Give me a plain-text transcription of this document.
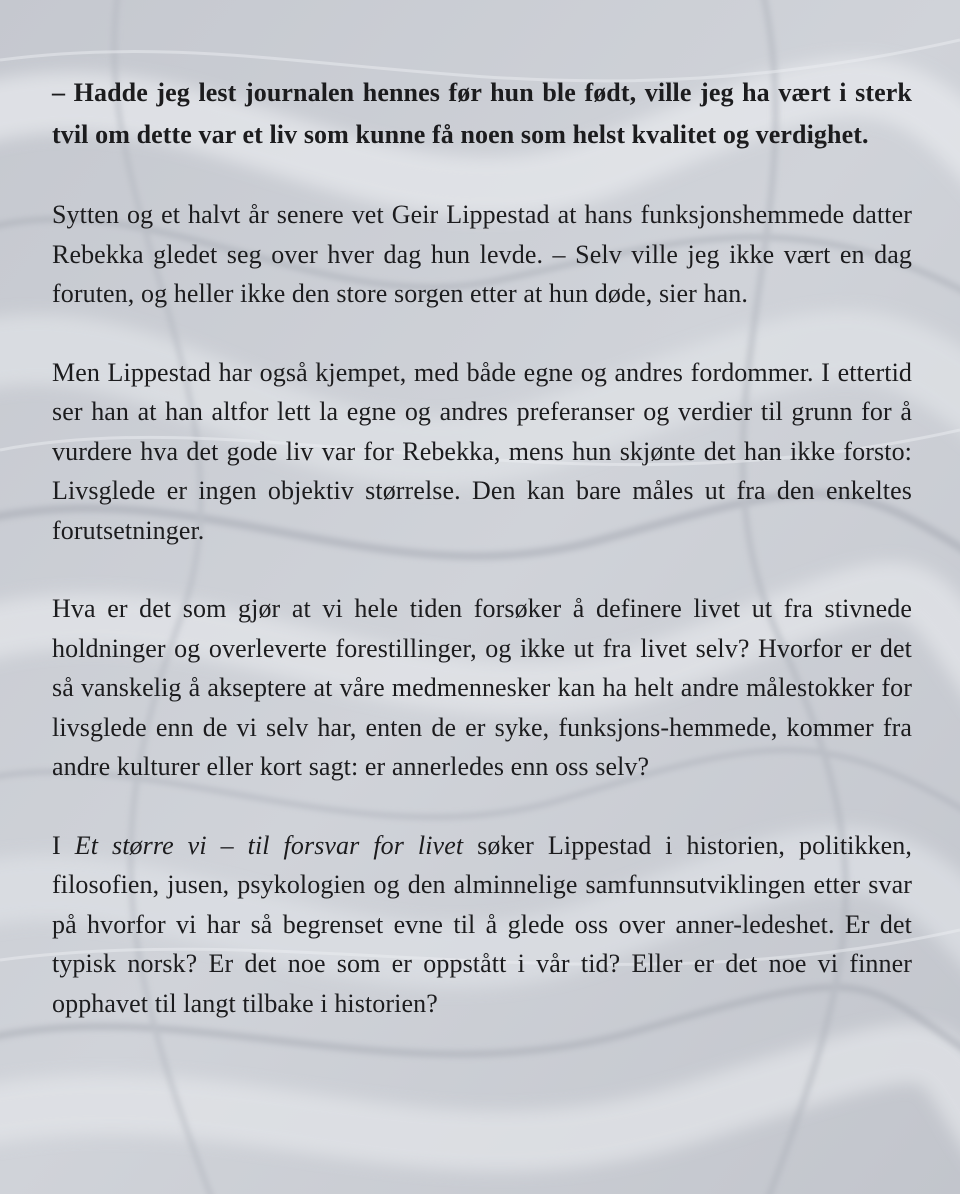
– Hadde jeg lest journalen hennes før hun ble født, ville jeg ha vært i sterk tvil om dette var et liv som kunne få noen som helst kvalitet og verdighet.

Sytten og et halvt år senere vet Geir Lippestad at hans funksjonshemmede datter Rebekka gledet seg over hver dag hun levde. – Selv ville jeg ikke vært en dag foruten, og heller ikke den store sorgen etter at hun døde, sier han.

Men Lippestad har også kjempet, med både egne og andres fordommer. I ettertid ser han at han altfor lett la egne og andres preferanser og verdier til grunn for å vurdere hva det gode liv var for Rebekka, mens hun skjønte det han ikke forsto: Livsglede er ingen objektiv størrelse. Den kan bare måles ut fra den enkeltes forutsetninger.

Hva er det som gjør at vi hele tiden forsøker å definere livet ut fra stivnede holdninger og overleverte forestillinger, og ikke ut fra livet selv? Hvorfor er det så vanskelig å akseptere at våre medmennesker kan ha helt andre målestokker for livsglede enn de vi selv har, enten de er syke, funksjons-hemmede, kommer fra andre kulturer eller kort sagt: er annerledes enn oss selv?

I Et større vi – til forsvar for livet søker Lippestad i historien, politikken, filosofien, jusen, psykologien og den alminnelige samfunnsutviklingen etter svar på hvorfor vi har så begrenset evne til å glede oss over anner-ledeshet. Er det typisk norsk? Er det noe som er oppstått i vår tid? Eller er det noe vi finner opphavet til langt tilbake i historien?
